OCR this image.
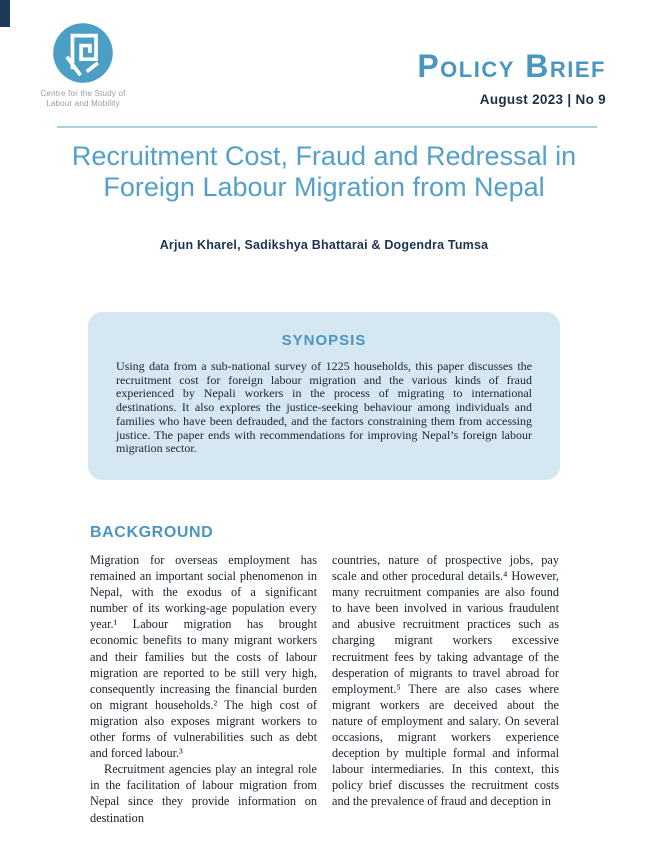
Centre for the Study of
Labour and Mobility
Policy Brief
August 2023 | No 9
Recruitment Cost, Fraud and Redressal in
Foreign Labour Migration from Nepal
Arjun Kharel, Sadikshya Bhattarai & Dogendra Tumsa
SYNOPSIS

Using data from a sub-national survey of 1225 households, this paper discusses the recruitment cost for foreign labour migration and the various kinds of fraud experienced by Nepali workers in the process of migrating to international destinations. It also explores the justice-seeking behaviour among individuals and families who have been defrauded, and the factors constraining them from accessing justice. The paper ends with recommendations for improving Nepal’s foreign labour migration sector.

BACKGROUND

Migration for overseas employment has remained an important social phenomenon in Nepal, with the exodus of a significant number of its working-age population every year.¹ Labour migration has brought economic benefits to many migrant workers and their families but the costs of labour migration are reported to be still very high, consequently increasing the financial burden on migrant households.² The high cost of migration also exposes migrant workers to other forms of vulnerabilities such as debt and forced labour.³

Recruitment agencies play an integral role in the facilitation of labour migration from Nepal since they provide information on destination

countries, nature of prospective jobs, pay scale and other procedural details.⁴ However, many recruitment companies are also found to have been involved in various fraudulent and abusive recruitment practices such as charging migrant workers excessive recruitment fees by taking advantage of the desperation of migrants to travel abroad for employment.⁵ There are also cases where migrant workers are deceived about the nature of employment and salary. On several occasions, migrant workers experience deception by multiple formal and informal labour intermediaries. In this context, this policy brief discusses the recruitment costs and the prevalence of fraud and deception in
